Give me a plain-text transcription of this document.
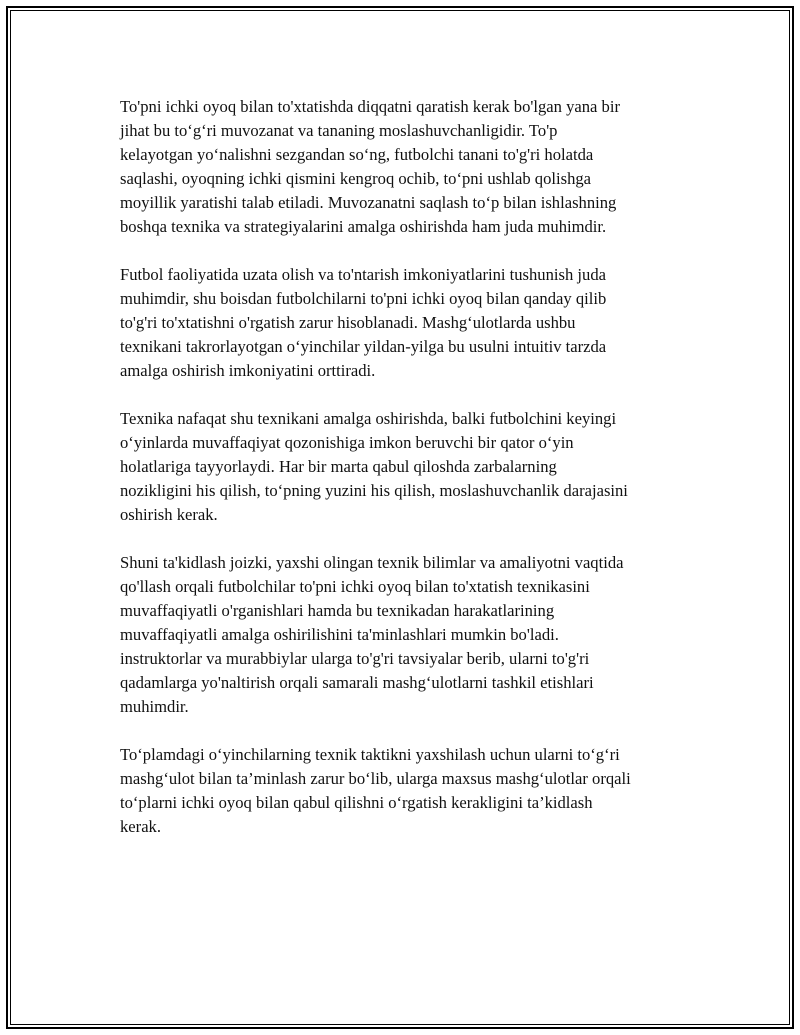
To'pni ichki oyoq bilan to'xtatishda diqqatni qaratish kerak bo'lgan yana bir
jihat bu to‘g‘ri muvozanat va tananing moslashuvchanligidir. To'p
kelayotgan yo‘nalishni sezgandan so‘ng, futbolchi tanani to'g'ri holatda
saqlashi, oyoqning ichki qismini kengroq ochib, to‘pni ushlab qolishga
moyillik yaratishi talab etiladi. Muvozanatni saqlash to‘p bilan ishlashning
boshqa texnika va strategiyalarini amalga oshirishda ham juda muhimdir.

Futbol faoliyatida uzata olish va to'ntarish imkoniyatlarini tushunish juda
muhimdir, shu boisdan futbolchilarni to'pni ichki oyoq bilan qanday qilib
to'g'ri to'xtatishni o'rgatish zarur hisoblanadi. Mashg‘ulotlarda ushbu
texnikani takrorlayotgan o‘yinchilar yildan-yilga bu usulni intuitiv tarzda
amalga oshirish imkoniyatini orttiradi.

Texnika nafaqat shu texnikani amalga oshirishda, balki futbolchini keyingi
o‘yinlarda muvaffaqiyat qozonishiga imkon beruvchi bir qator o‘yin
holatlariga tayyorlaydi. Har bir marta qabul qiloshda zarbalarning
nozikligini his qilish, to‘pning yuzini his qilish, moslashuvchanlik darajasini
oshirish kerak.

Shuni ta'kidlash joizki, yaxshi olingan texnik bilimlar va amaliyotni vaqtida
qo'llash orqali futbolchilar to'pni ichki oyoq bilan to'xtatish texnikasini
muvaffaqiyatli o'rganishlari hamda bu texnikadan harakatlarining
muvaffaqiyatli amalga oshirilishini ta'minlashlari mumkin bo'ladi.
instruktorlar va murabbiylar ularga to'g'ri tavsiyalar berib, ularni to'g'ri
qadamlarga yo'naltirish orqali samarali mashg‘ulotlarni tashkil etishlari
muhimdir.

To‘plamdagi o‘yinchilarning texnik taktikni yaxshilash uchun ularni to‘g‘ri
mashg‘ulot bilan ta’minlash zarur bo‘lib, ularga maxsus mashg‘ulotlar orqali
to‘plarni ichki oyoq bilan qabul qilishni o‘rgatish kerakligini ta’kidlash
kerak.
